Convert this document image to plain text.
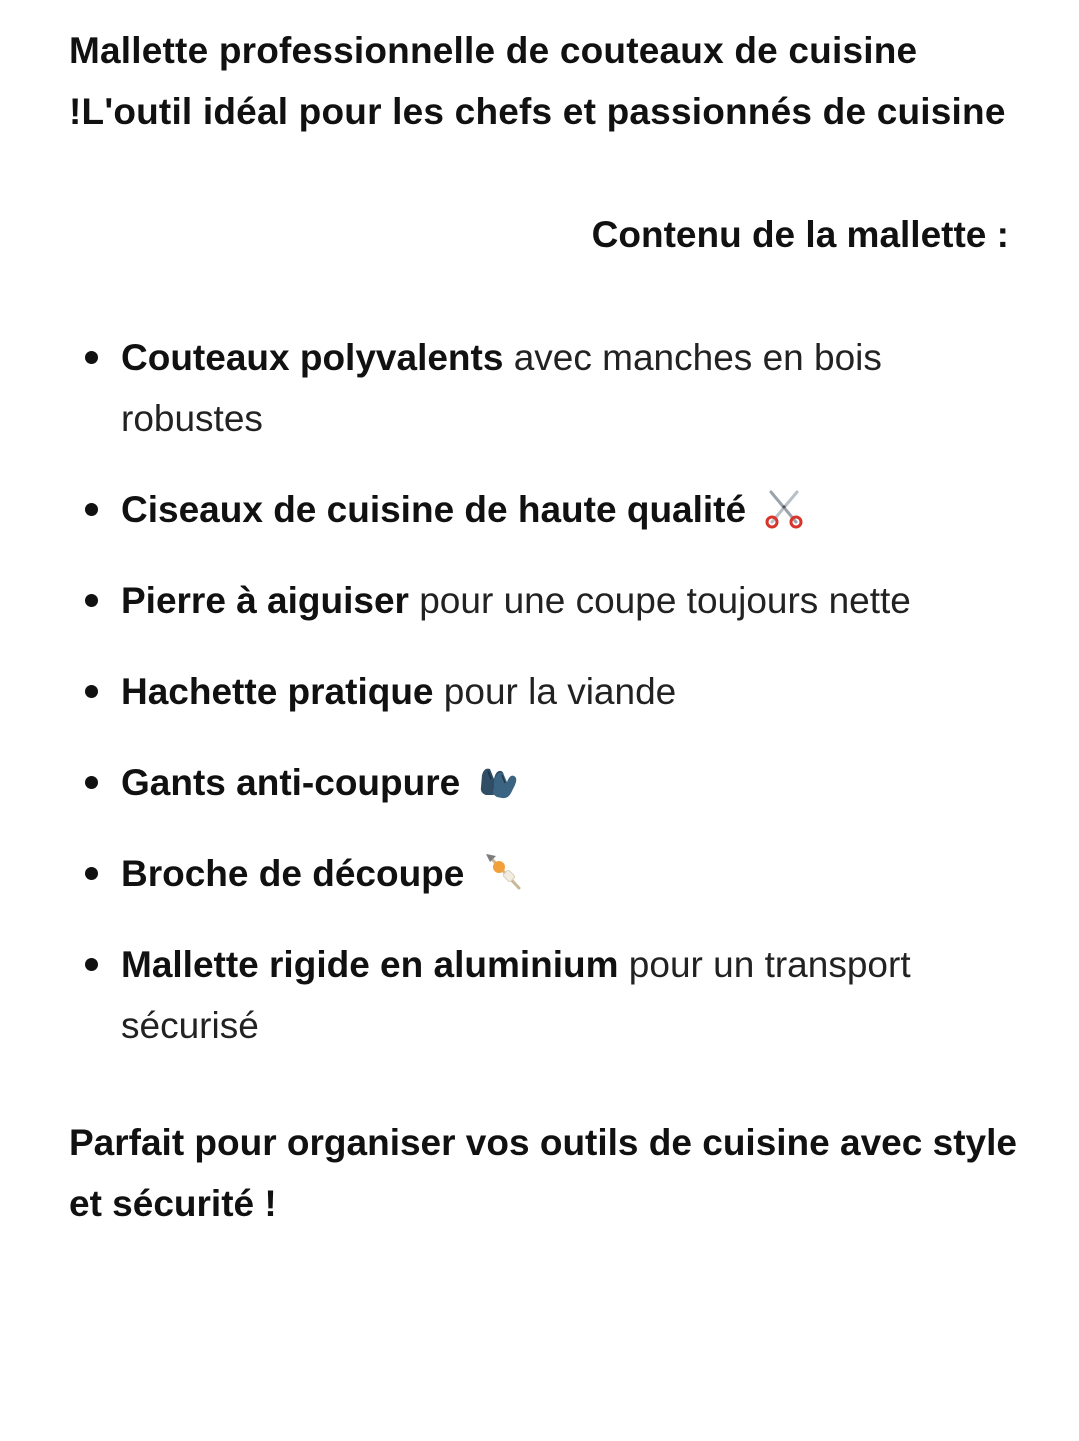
Mallette professionnelle de couteaux de cuisine !L'outil idéal pour les chefs et passionnés de cuisine

Contenu de la mallette :

Couteaux polyvalents avec manches en bois robustes
Ciseaux de cuisine de haute qualité
Pierre à aiguiser pour une coupe toujours nette
Hachette pratique pour la viande
Gants anti-coupure
Broche de découpe
Mallette rigide en aluminium pour un transport sécurisé

Parfait pour organiser vos outils de cuisine avec style et sécurité !
